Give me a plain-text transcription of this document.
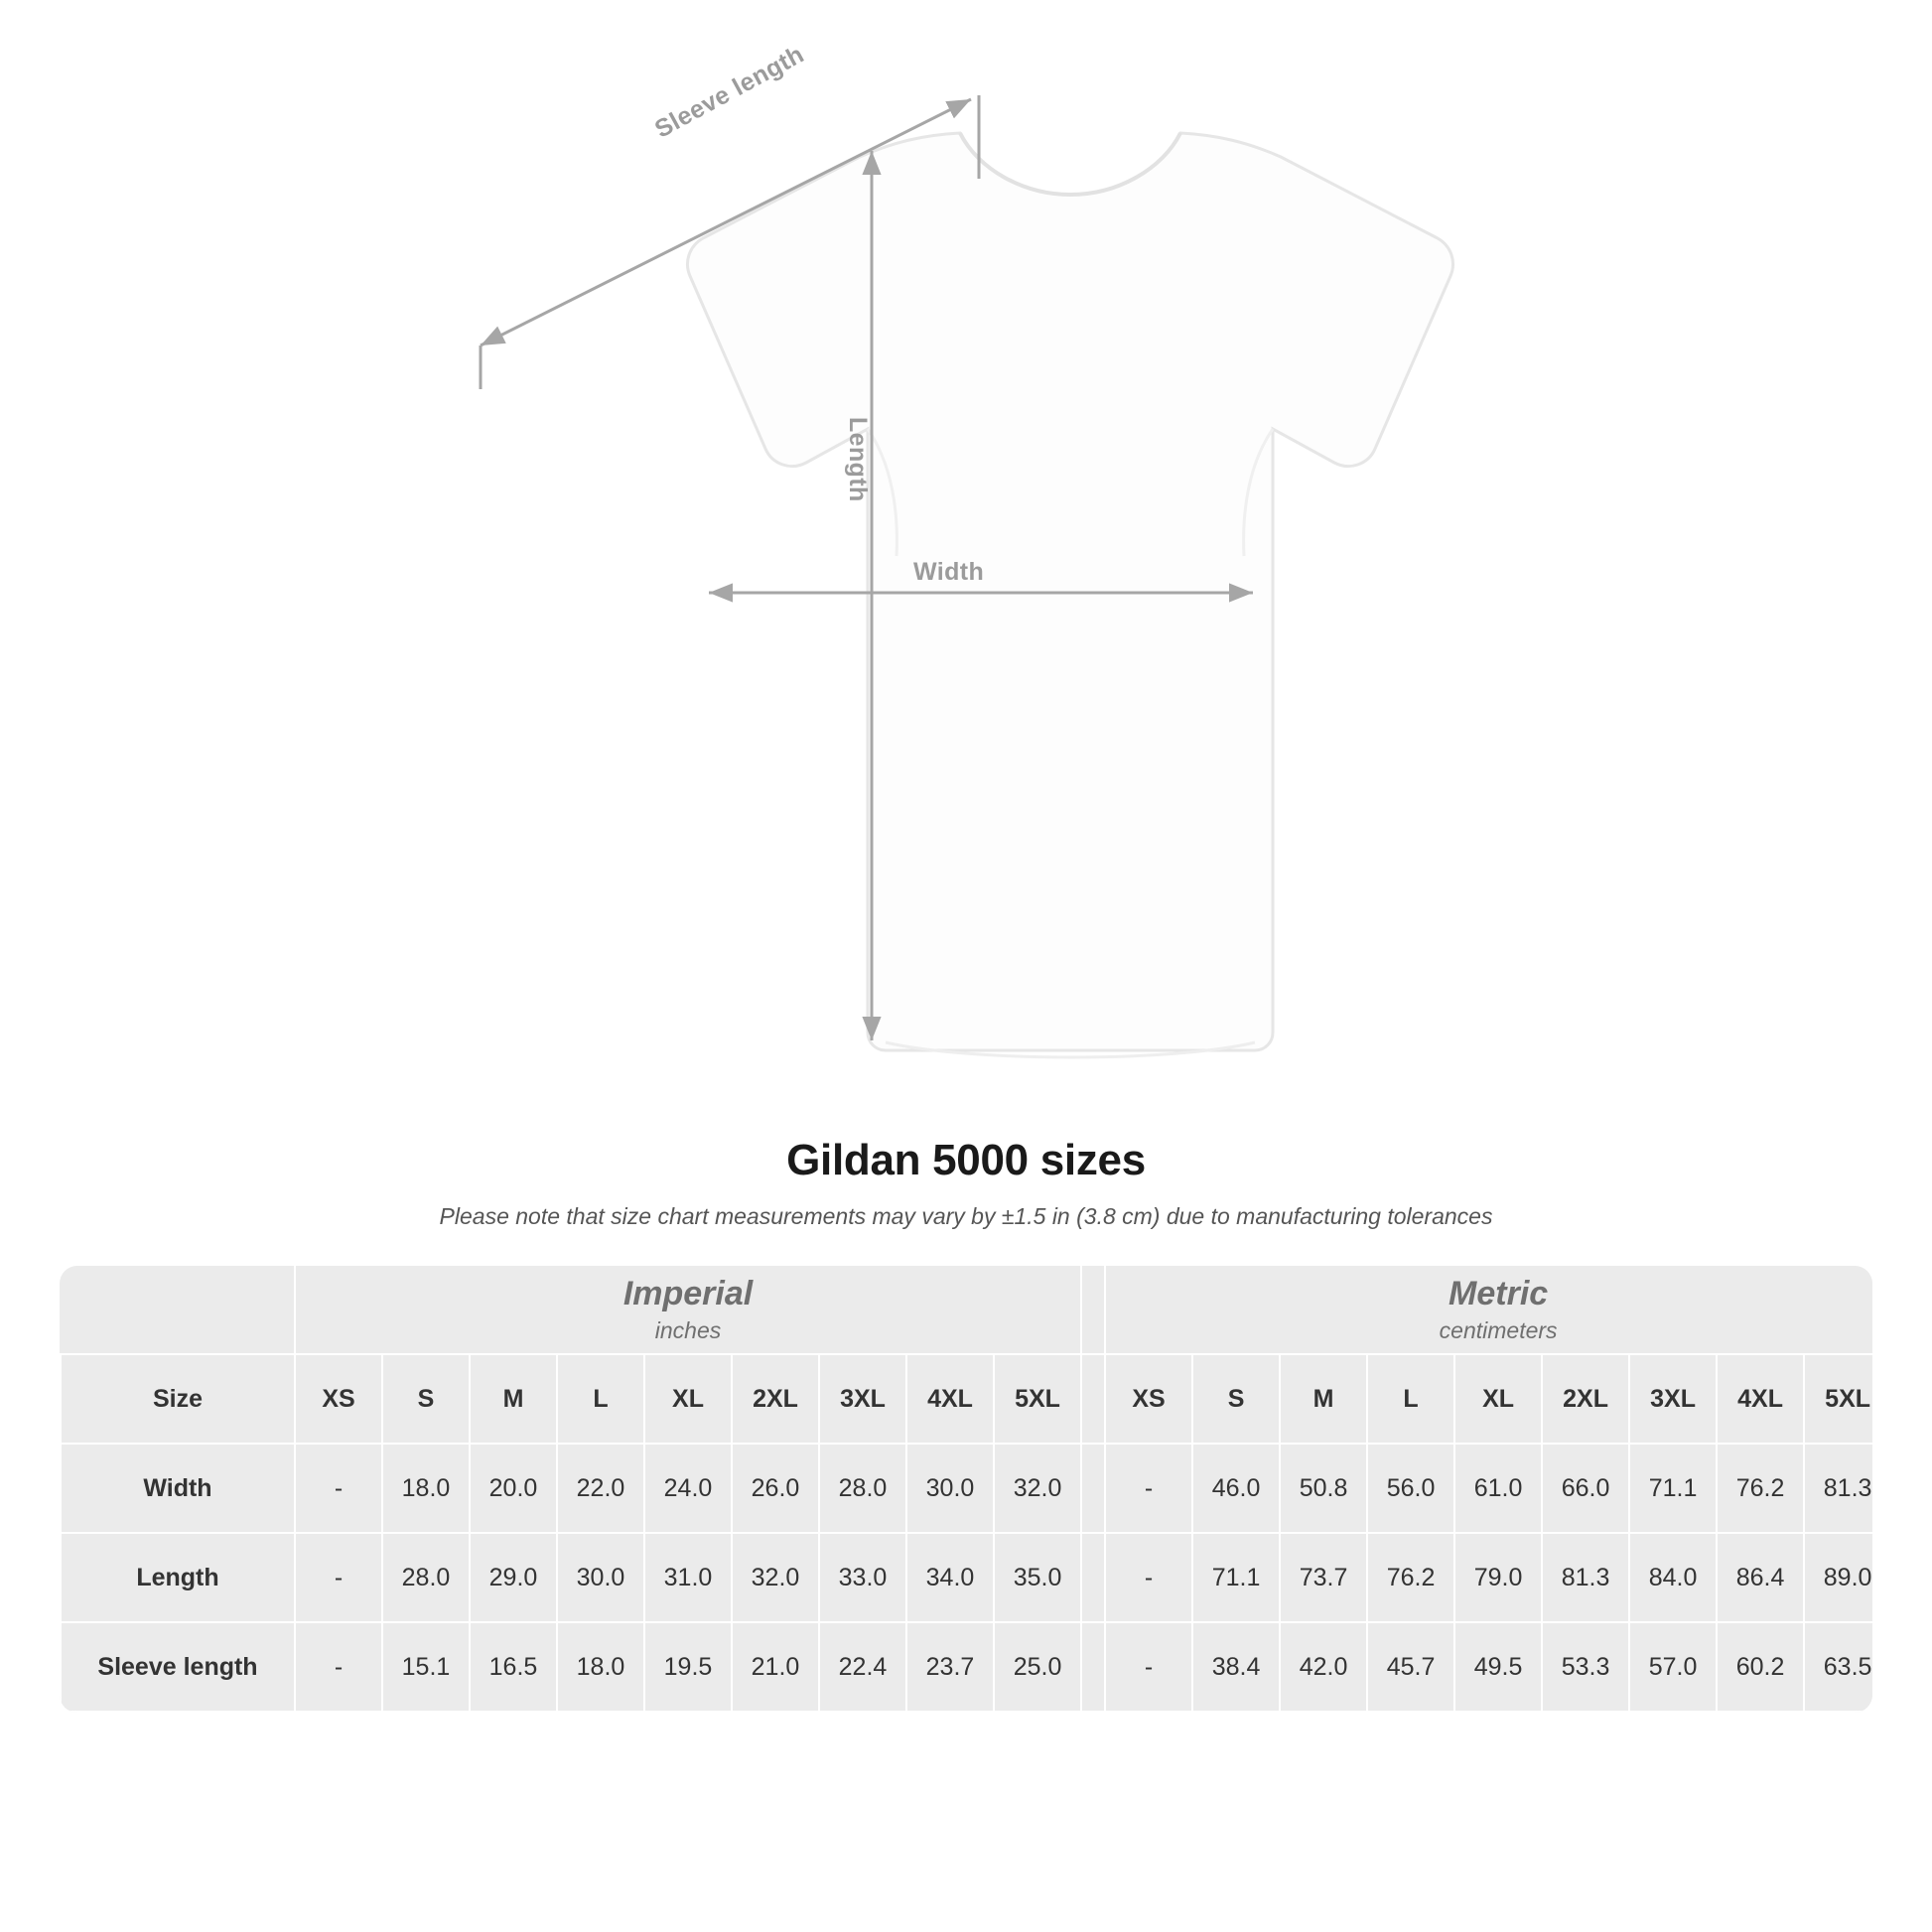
Width
Length
Sleeve length
Gildan 5000 sizes

Please note that size chart measurements may vary by ±1.5 in (3.8 cm) due to manufacturing tolerances

Imperial
inches

Metric
centimeters

Size	XS	S	M	L	XL	2XL	3XL	4XL	5XL		XS	S	M	L	XL	2XL	3XL	4XL	5XL
Width	-	18.0	20.0	22.0	24.0	26.0	28.0	30.0	32.0		-	46.0	50.8	56.0	61.0	66.0	71.1	76.2	81.3
Length	-	28.0	29.0	30.0	31.0	32.0	33.0	34.0	35.0		-	71.1	73.7	76.2	79.0	81.3	84.0	86.4	89.0
Sleeve length	-	15.1	16.5	18.0	19.5	21.0	22.4	23.7	25.0		-	38.4	42.0	45.7	49.5	53.3	57.0	60.2	63.5
